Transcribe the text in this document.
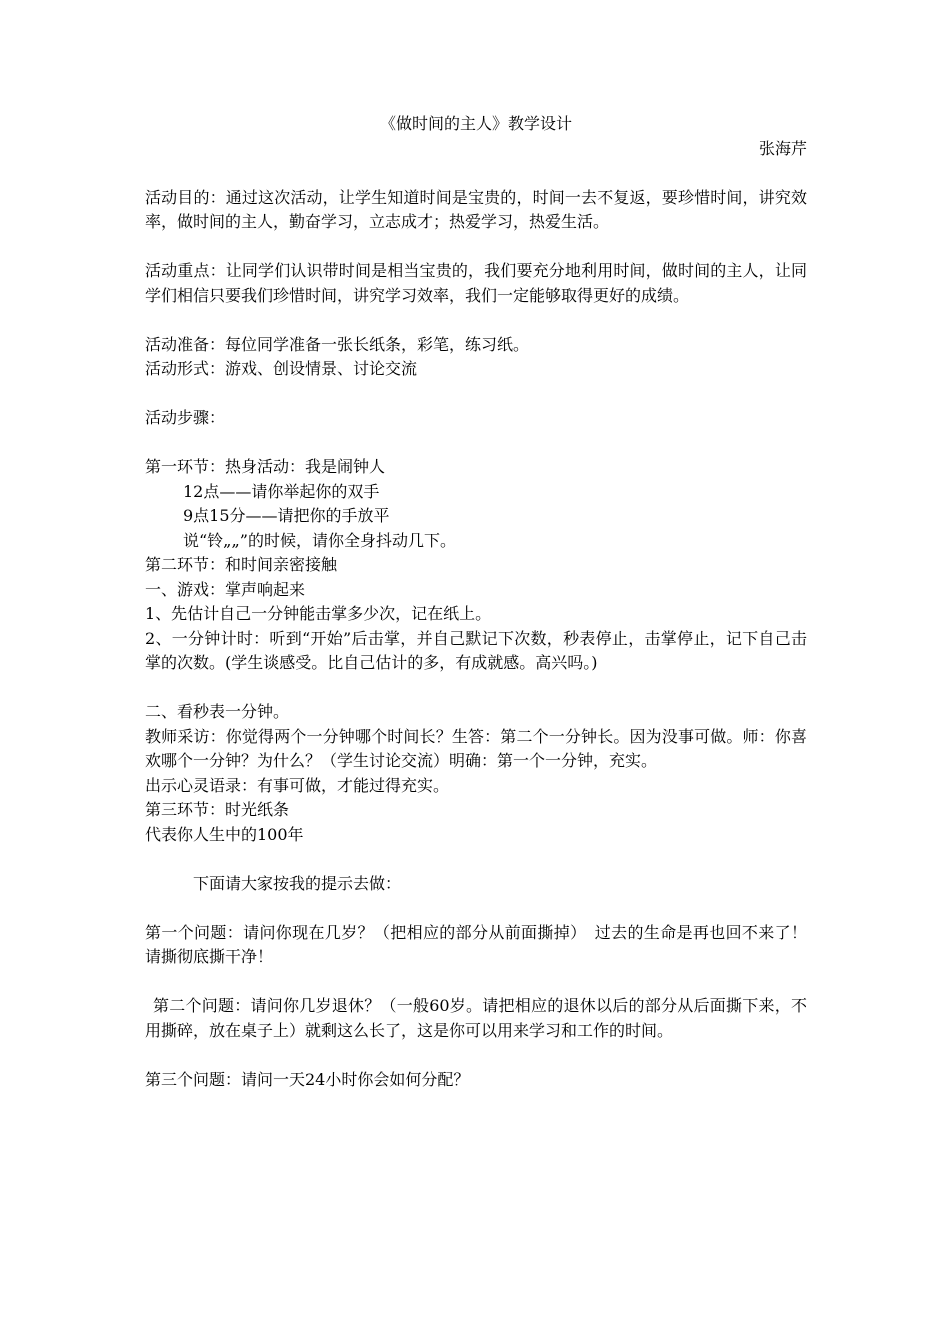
《做时间的主人》教学设计

张海芹

活动目的：通过这次活动，让学生知道时间是宝贵的，时间一去不复返，要珍惜时间，讲究效率，做时间的主人，勤奋学习，立志成才；热爱学习，热爱生活。

活动重点：让同学们认识带时间是相当宝贵的，我们要充分地利用时间，做时间的主人，让同学们相信只要我们珍惜时间，讲究学习效率，我们一定能够取得更好的成绩。

活动准备：每位同学准备一张长纸条，彩笔，练习纸。

活动形式：游戏、创设情景、讨论交流

活动步骤：

第一环节：热身活动：我是闹钟人

12点——请你举起你的双手

9点15分——请把你的手放平

说“铃„„”的时候，请你全身抖动几下。

第二环节：和时间亲密接触

一、游戏：掌声响起来

1、先估计自己一分钟能击掌多少次，记在纸上。

2、一分钟计时：听到“开始”后击掌，并自己默记下次数，秒表停止，击掌停止，记下自己击掌的次数。(学生谈感受。比自己估计的多，有成就感。高兴吗。)

二、看秒表一分钟。

教师采访：你觉得两个一分钟哪个时间长？生答：第二个一分钟长。因为没事可做。师：你喜欢哪个一分钟？为什么？（学生讨论交流）明确：第一个一分钟，充实。

出示心灵语录：有事可做，才能过得充实。

第三环节：时光纸条

代表你人生中的100年

下面请大家按我的提示去做：

第一个问题：请问你现在几岁？（把相应的部分从前面撕掉）　过去的生命是再也回不来了！请撕彻底撕干净！

第二个问题：请问你几岁退休？（一般60岁。请把相应的退休以后的部分从后面撕下来，不用撕碎，放在桌子上）就剩这么长了，这是你可以用来学习和工作的时间。

第三个问题：请问一天24小时你会如何分配？
